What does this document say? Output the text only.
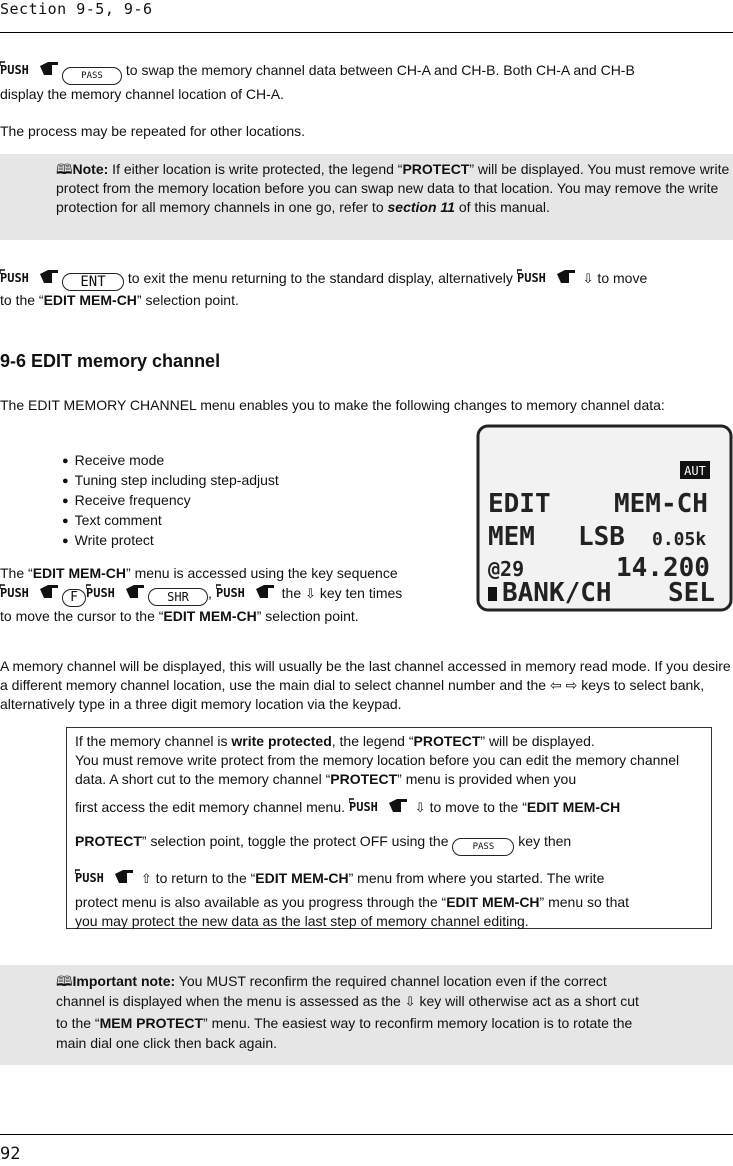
Section 9-5, 9-6
PASS to swap the memory channel data between CH-A and CH-B. Both CH-A and CH-B
display the memory channel location of CH-A.
The process may be repeated for other locations.
🕮Note: If either location is write protected, the legend “PROTECT” will be displayed. You must remove write protect from the memory location before you can swap new data to that location. You may remove the write protection for all memory channels in one go, refer to section 11 of this manual.
ENT to exit the menu returning to the standard display, alternatively	⇩ to move
to the “EDIT MEM-CH” selection point.
9-6 EDIT memory channel
The EDIT MEMORY CHANNEL menu enables you to make the following changes to memory channel data:
● Receive mode
● Tuning step including step-adjust
● Receive frequency
● Text comment
● Write protect
AUT
EDIT MEM-CH
MEM LSB 0.05k
@29	14.200
BANK/CH SEL
The “EDIT MEM-CH” menu is accessed using the key sequence
F	SHR ,	the ⇩ key ten times
to move the cursor to the “EDIT MEM-CH” selection point.
A memory channel will be displayed, this will usually be the last channel accessed in memory read mode. If you desire a different memory channel location, use the main dial to select channel number and the ⇦ ⇨ keys to select bank, alternatively type in a three digit memory location via the keypad.
If the memory channel is write protected, the legend “PROTECT” will be displayed.
You must remove write protect from the memory location before you can edit the memory channel data. A short cut to the memory channel “PROTECT” menu is provided when you
first access the edit memory channel menu.	⇩ to move to the “EDIT MEM-CH
PROTECT” selection point, toggle the protect OFF using the PASS key then
⇧ to return to the “EDIT MEM-CH” menu from where you started. The write
protect menu is also available as you progress through the “EDIT MEM-CH” menu so that
you may protect the new data as the last step of memory channel editing.
🕮Important note: You MUST reconfirm the required channel location even if the correct
channel is displayed when the menu is assessed as the ⇩ key will otherwise act as a short cut
to the “MEM PROTECT” menu. The easiest way to reconfirm memory location is to rotate the
main dial one click then back again.
92
